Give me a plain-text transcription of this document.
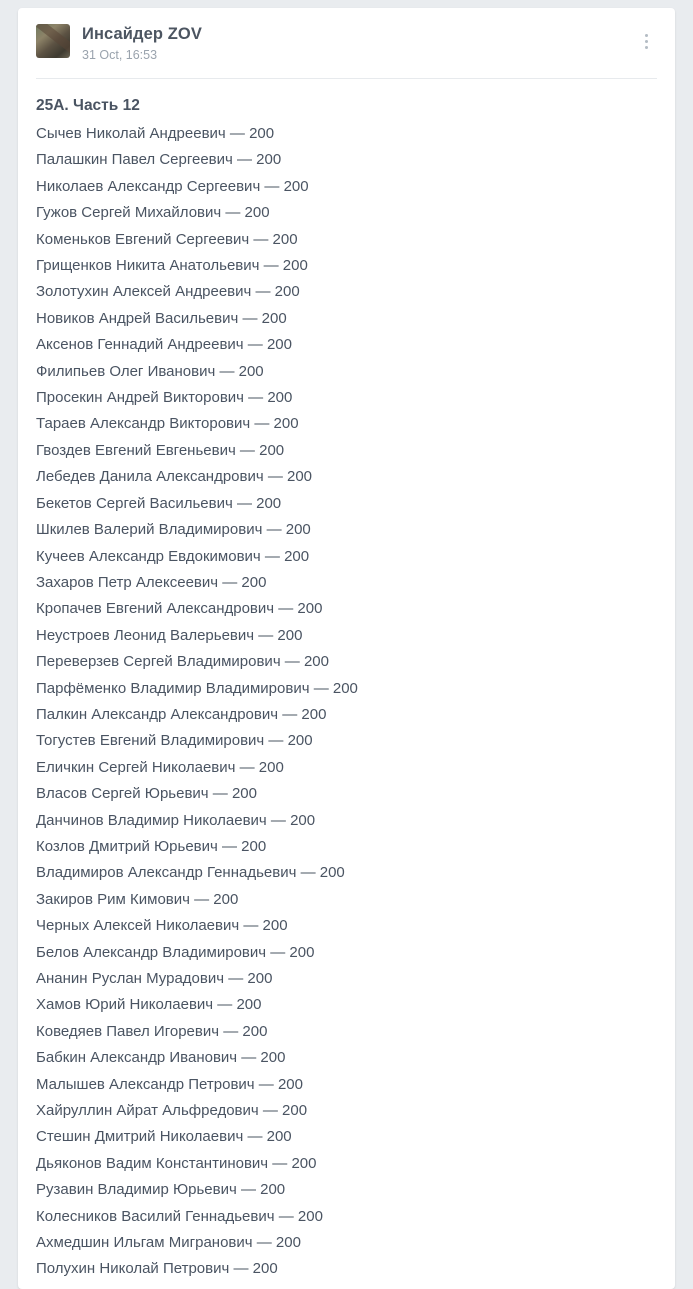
Инсайдер ZOV
31 Oct, 16:53
25A. Часть 12
Сычев Николай Андреевич — 200
Палашкин Павел Сергеевич — 200
Николаев Александр Сергеевич — 200
Гужов Сергей Михайлович — 200
Коменьков Евгений Сергеевич — 200
Грищенков Никита Анатольевич — 200
Золотухин Алексей Андреевич — 200
Новиков Андрей Васильевич — 200
Аксенов Геннадий Андреевич — 200
Филипьев Олег Иванович — 200
Просекин Андрей Викторович — 200
Тараев Александр Викторович — 200
Гвоздев Евгений Евгеньевич — 200
Лебедев Данила Александрович — 200
Бекетов Сергей Васильевич — 200
Шкилев Валерий Владимирович — 200
Кучеев Александр Евдокимович — 200
Захаров Петр Алексеевич — 200
Кропачев Евгений Александрович — 200
Неустроев Леонид Валерьевич — 200
Переверзев Сергей Владимирович — 200
Парфёменко Владимир Владимирович — 200
Палкин Александр Александрович — 200
Тогустев Евгений Владимирович — 200
Еличкин Сергей Николаевич — 200
Власов Сергей Юрьевич — 200
Данчинов Владимир Николаевич — 200
Козлов Дмитрий Юрьевич — 200
Владимиров Александр Геннадьевич — 200
Закиров Рим Кимович — 200
Черных Алексей Николаевич — 200
Белов Александр Владимирович — 200
Ананин Руслан Мурадович — 200
Хамов Юрий Николаевич — 200
Коведяев Павел Игоревич — 200
Бабкин Александр Иванович — 200
Малышев Александр Петрович — 200
Хайруллин Айрат Альфредович — 200
Стешин Дмитрий Николаевич — 200
Дьяконов Вадим Константинович — 200
Рузавин Владимир Юрьевич — 200
Колесников Василий Геннадьевич — 200
Ахмедшин Ильгам Мигранович — 200
Полухин Николай Петрович — 200
